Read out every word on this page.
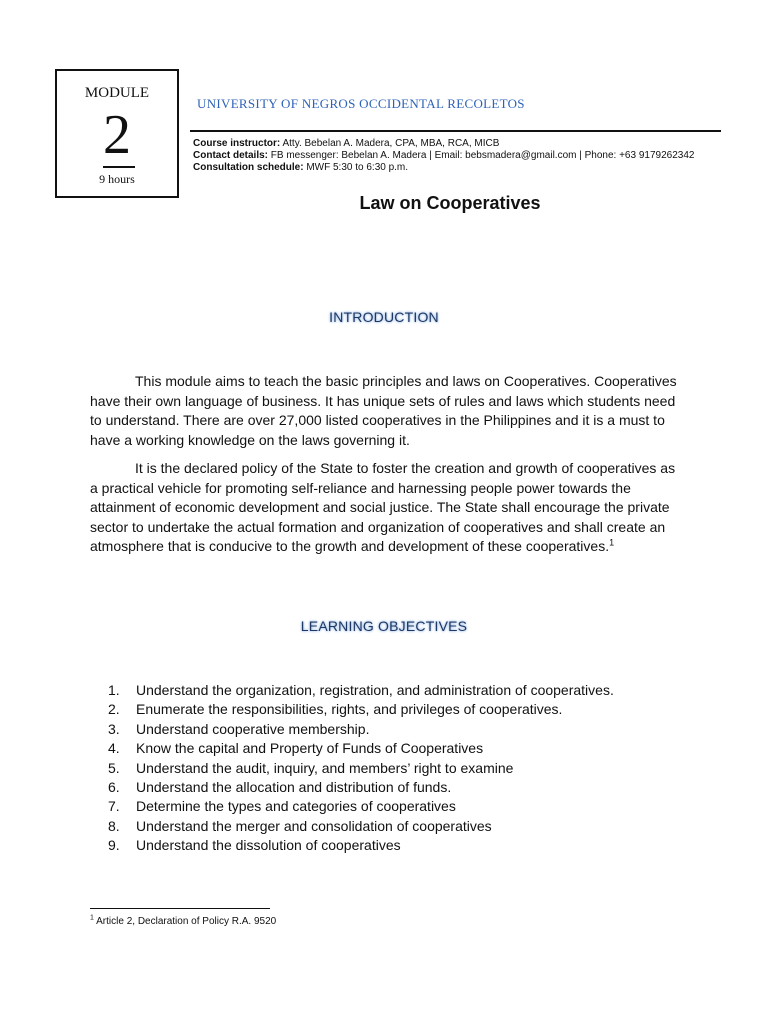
MODULE
2
9 hours
UNIVERSITY OF NEGROS OCCIDENTAL RECOLETOS
Course instructor: Atty. Bebelan A. Madera, CPA, MBA, RCA, MICB
Contact details: FB messenger: Bebelan A. Madera | Email: bebsmadera@gmail.com | Phone: +63 9179262342
Consultation schedule: MWF 5:30 to 6:30 p.m.
Law on Cooperatives
INTRODUCTION

This module aims to teach the basic principles and laws on Cooperatives. Cooperatives have their own language of business. It has unique sets of rules and laws which students need to understand. There are over 27,000 listed cooperatives in the Philippines and it is a must to have a working knowledge on the laws governing it.

It is the declared policy of the State to foster the creation and growth of cooperatives as a practical vehicle for promoting self-reliance and harnessing people power towards the attainment of economic development and social justice. The State shall encourage the private sector to undertake the actual formation and organization of cooperatives and shall create an atmosphere that is conducive to the growth and development of these cooperatives.$^1$

LEARNING OBJECTIVES
1. Understand the organization, registration, and administration of cooperatives.
2. Enumerate the responsibilities, rights, and privileges of cooperatives.
3. Understand cooperative membership.
4. Know the capital and Property of Funds of Cooperatives
5. Understand the audit, inquiry, and members’ right to examine
6. Understand the allocation and distribution of funds.
7. Determine the types and categories of cooperatives
8. Understand the merger and consolidation of cooperatives
9. Understand the dissolution of cooperatives
$^1$ Article 2, Declaration of Policy R.A. 9520
